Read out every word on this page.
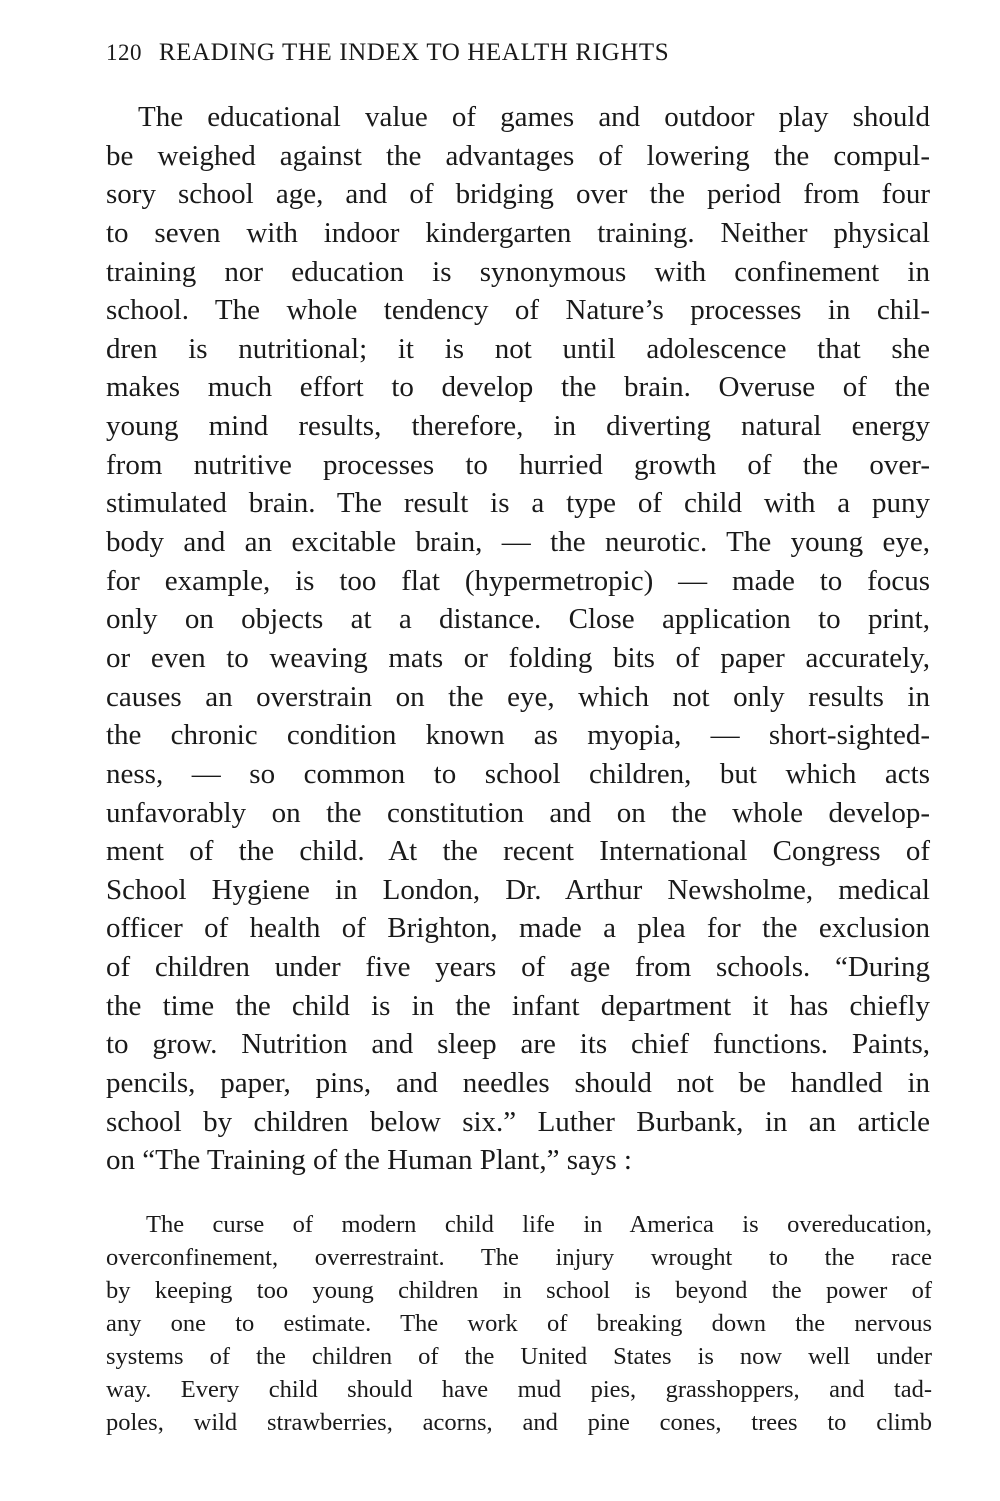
120 READING THE INDEX TO HEALTH RIGHTS
The educational value of games and outdoor play should
be weighed against the advantages of lowering the compul-
sory school age, and of bridging over the period from four
to seven with indoor kindergarten training. Neither physical
training nor education is synonymous with confinement in
school. The whole tendency of Nature’s processes in chil-
dren is nutritional; it is not until adolescence that she
makes much effort to develop the brain. Overuse of the
young mind results, therefore, in diverting natural energy
from nutritive processes to hurried growth of the over-
stimulated brain. The result is a type of child with a puny
body and an excitable brain, — the neurotic. The young eye,
for example, is too flat (hypermetropic) — made to focus
only on objects at a distance. Close application to print,
or even to weaving mats or folding bits of paper accurately,
causes an overstrain on the eye, which not only results in
the chronic condition known as myopia, — short-sighted-
ness, — so common to school children, but which acts
unfavorably on the constitution and on the whole develop-
ment of the child. At the recent International Congress of
School Hygiene in London, Dr. Arthur Newsholme, medical
officer of health of Brighton, made a plea for the exclusion
of children under five years of age from schools. “During
the time the child is in the infant department it has chiefly
to grow. Nutrition and sleep are its chief functions. Paints,
pencils, paper, pins, and needles should not be handled in
school by children below six.” Luther Burbank, in an article
on “The Training of the Human Plant,” says :
The curse of modern child life in America is overeducation,
overconfinement, overrestraint. The injury wrought to the race
by keeping too young children in school is beyond the power of
any one to estimate. The work of breaking down the nervous
systems of the children of the United States is now well under
way. Every child should have mud pies, grasshoppers, and tad-
poles, wild strawberries, acorns, and pine cones, trees to climb
